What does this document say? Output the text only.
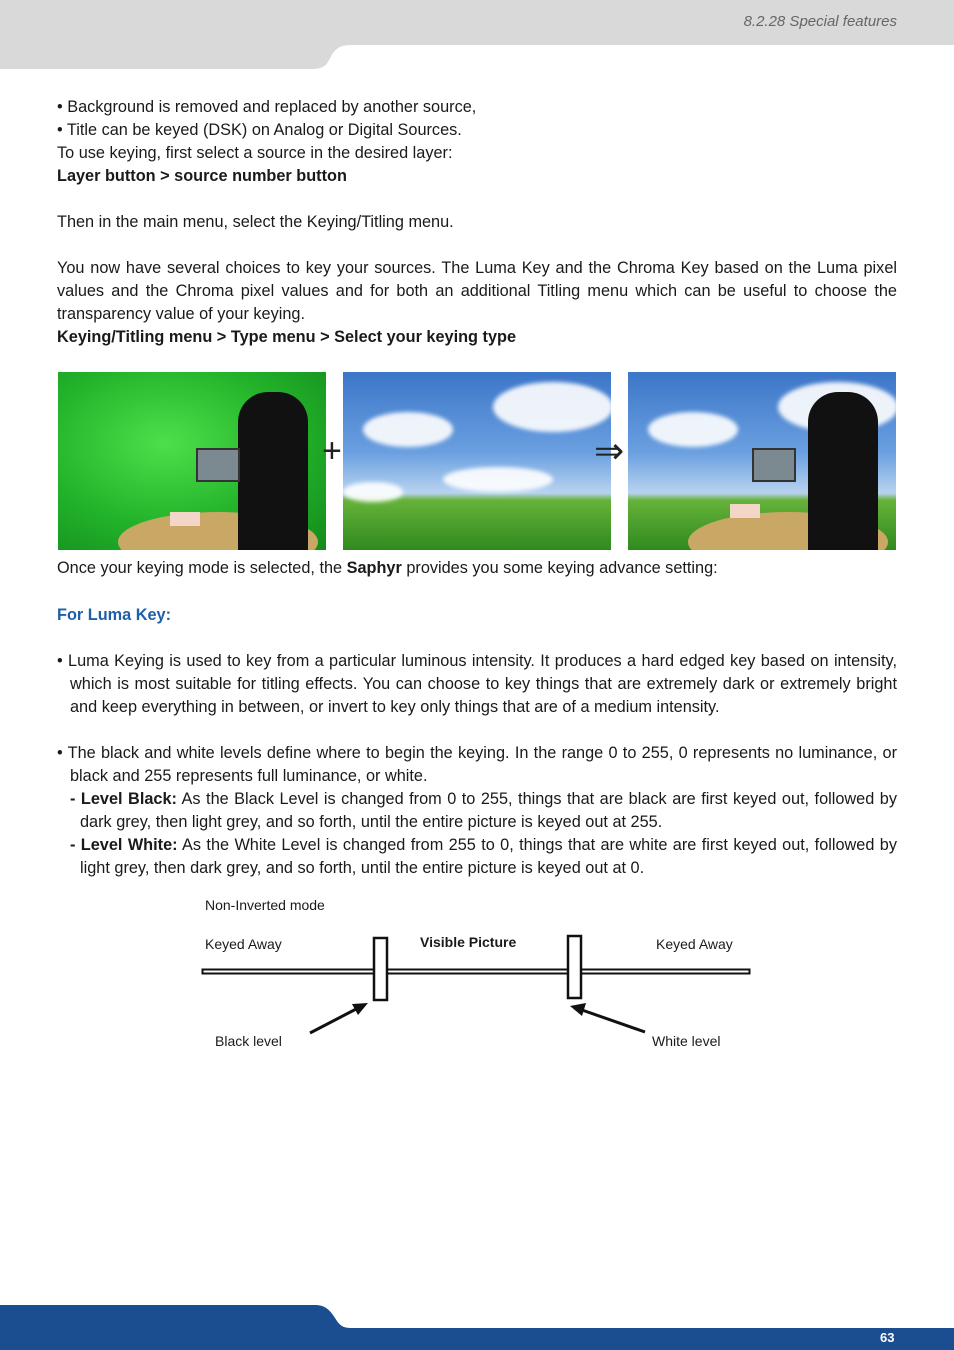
8.2.28 Special features
• Background is removed and replaced by another source,
• Title can be keyed (DSK) on Analog or Digital Sources.
To use keying, first select a source in the desired layer:
Layer button > source number button
Then in the main menu, select the Keying/Titling menu.
You now have several choices to key your sources. The Luma Key and the Chroma Key based on the Luma pixel values and the Chroma pixel values and for both an additional Titling menu which can be useful to choose the transparency value of your keying.
Keying/Titling menu > Type menu > Select your keying type
+	⇒
Once your keying mode is selected, the Saphyr provides you some keying advance setting:
For Luma Key:
• Luma Keying is used to key from a particular luminous intensity. It produces a hard edged key based on intensity, which is most suitable for titling effects. You can choose to key things that are extremely dark or extremely bright and keep everything in between, or invert to key only things that are of a medium intensity.
• The black and white levels define where to begin the keying. In the range 0 to 255, 0 represents no luminance, or black and 255 represents full luminance, or white.
- Level Black: As the Black Level is changed from 0 to 255, things that are black are first keyed out, followed by dark grey, then light grey, and so forth, until the entire picture is keyed out at 255.
- Level White: As the White Level is changed from 255 to 0, things that are white are first keyed out, followed by light grey, then dark grey, and so forth, until the entire picture is keyed out at 0.
Non-Inverted mode
Keyed Away	Visible Picture	Keyed Away
Black level	White level
63
